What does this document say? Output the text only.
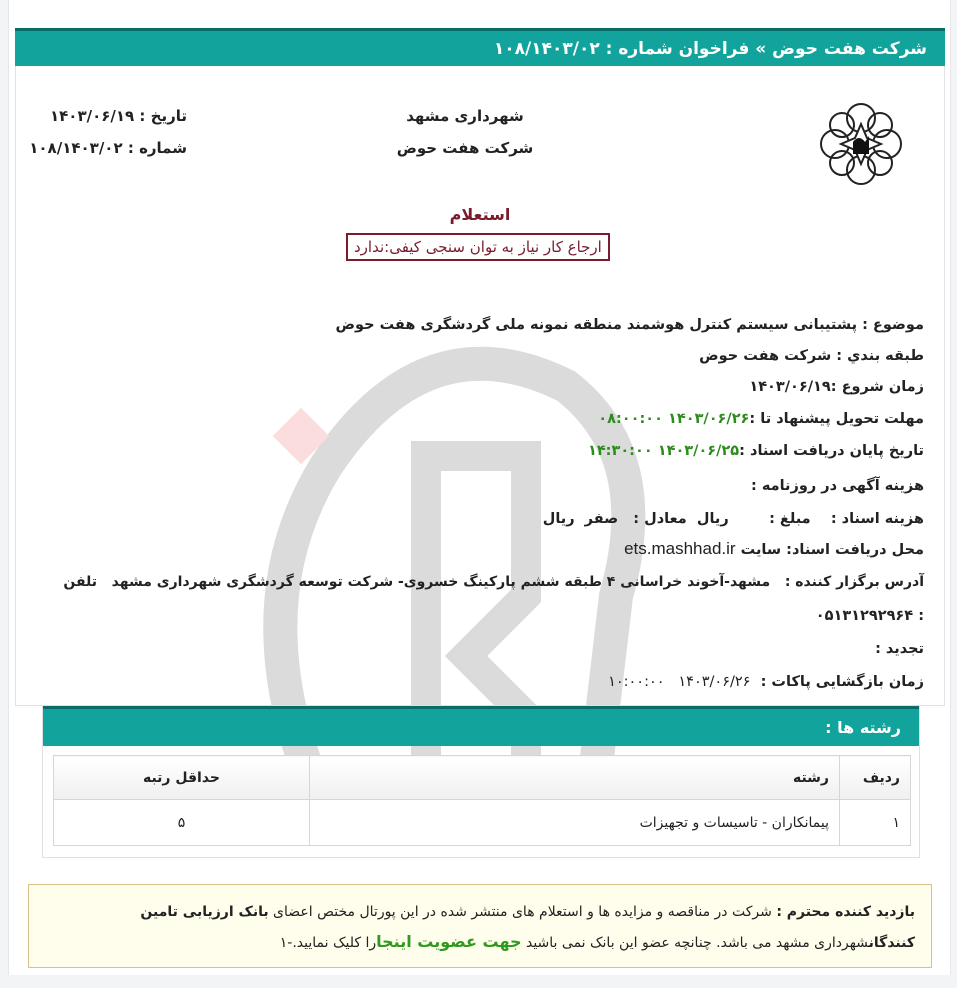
شرکت هفت حوض » فراخوان شماره : ۱۰۸/۱۴۰۳/۰۲
شهرداری مشهد
شرکت هفت حوض
تاریخ : ۱۴۰۳/۰۶/۱۹
شماره : ۱۰۸/۱۴۰۳/۰۲
استعلام
ارجاع کار نیاز به توان سنجی کیفی:ندارد
موضوع : پشتیبانی سیستم کنترل هوشمند منطقه نمونه ملی گردشگری هفت حوض
طبقه بندي : شرکت هفت حوض
زمان شروع :۱۴۰۳/۰۶/۱۹
مهلت تحویل پیشنهاد تا :۱۴۰۳/۰۶/۲۶ ۰۸:۰۰:۰۰
تاریخ پایان دریافت اسناد :۱۴۰۳/۰۶/۲۵ ۱۴:۳۰:۰۰
هزینه آگهی در روزنامه :
هزینه اسناد :    مبلغ :        ریال  معادل :   صفر  ریال
محل دریافت اسناد: سایت ets.mashhad.ir
آدرس برگزار کننده :   مشهد-آخوند خراسانی ۴ طبقه ششم پارکینگ خسروی- شرکت توسعه گردشگری شهرداری مشهد   تلفن
: ۰۵۱۳۱۲۹۲۹۶۴
تجدید :
زمان بازگشایی پاکات :  ۱۴۰۳/۰۶/۲۶   ۱۰:۰۰:۰۰
رشته ها :
ردیف	رشته	حداقل رتبه
۱	پیمانکاران - تاسیسات و تجهیزات	۵
بازدید کننده محترم : شرکت در مناقصه و مزایده ها و استعلام های منتشر شده در این پورتال مختص اعضای بانک ارزیابی تامین کنندگانشهرداری مشهد می باشد. چنانچه عضو این بانک نمی باشید جهت عضویت اینجارا کلیک نمایید.-۱
